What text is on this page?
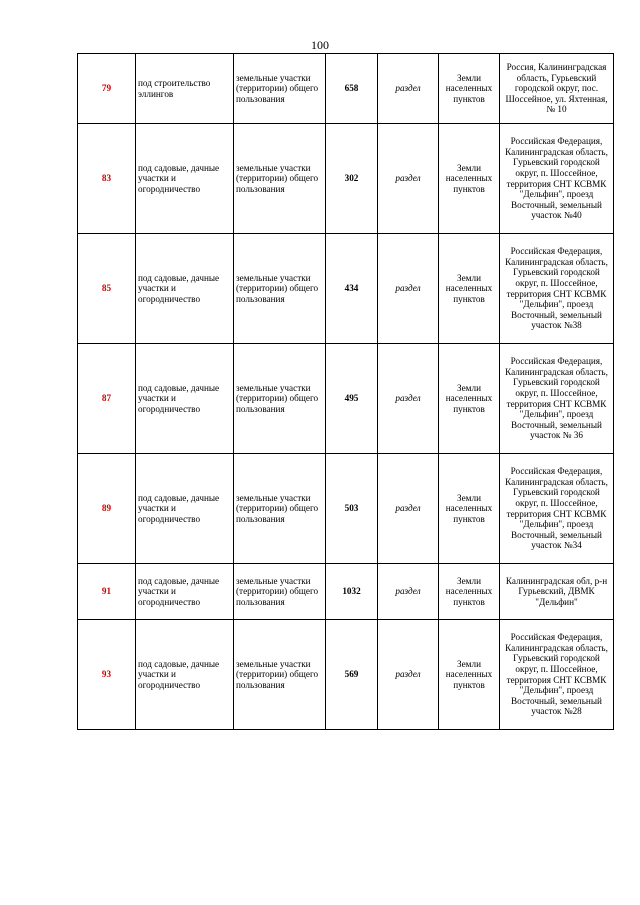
100
79	под строительство эллингов	земельные участки (территории) общего пользования	658	раздел	Земли населенных пунктов	Россия, Калининградская область, Гурьевский городской округ, пос. Шоссейное, ул. Яхтенная, № 10
83	под садовые, дачные участки и огородничество	земельные участки (территории) общего пользования	302	раздел	Земли населенных пунктов	Российская Федерация, Калининградская область, Гурьевский городской округ, п. Шоссейное, территория СНТ КСВМК "Дельфин", проезд Восточный, земельный участок №40
85	под садовые, дачные участки и огородничество	земельные участки (территории) общего пользования	434	раздел	Земли населенных пунктов	Российская Федерация, Калининградская область, Гурьевский городской округ, п. Шоссейное, территория СНТ КСВМК "Дельфин", проезд Восточный, земельный участок №38
87	под садовые, дачные участки и огородничество	земельные участки (территории) общего пользования	495	раздел	Земли населенных пунктов	Российская Федерация, Калининградская область, Гурьевский городской округ, п. Шоссейное, территория СНТ КСВМК "Дельфин", проезд Восточный, земельный участок № 36
89	под садовые, дачные участки и огородничество	земельные участки (территории) общего пользования	503	раздел	Земли населенных пунктов	Российская Федерация, Калининградская область, Гурьевский городской округ, п. Шоссейное, территория СНТ КСВМК "Дельфин", проезд Восточный, земельный участок №34
91	под садовые, дачные участки и огородничество	земельные участки (территории) общего пользования	1032	раздел	Земли населенных пунктов	Калининградская обл, р-н Гурьевский, ДВМК "Дельфин"
93	под садовые, дачные участки и огородничество	земельные участки (территории) общего пользования	569	раздел	Земли населенных пунктов	Российская Федерация, Калининградская область, Гурьевский городской округ, п. Шоссейное, территория СНТ КСВМК "Дельфин", проезд Восточный, земельный участок №28
